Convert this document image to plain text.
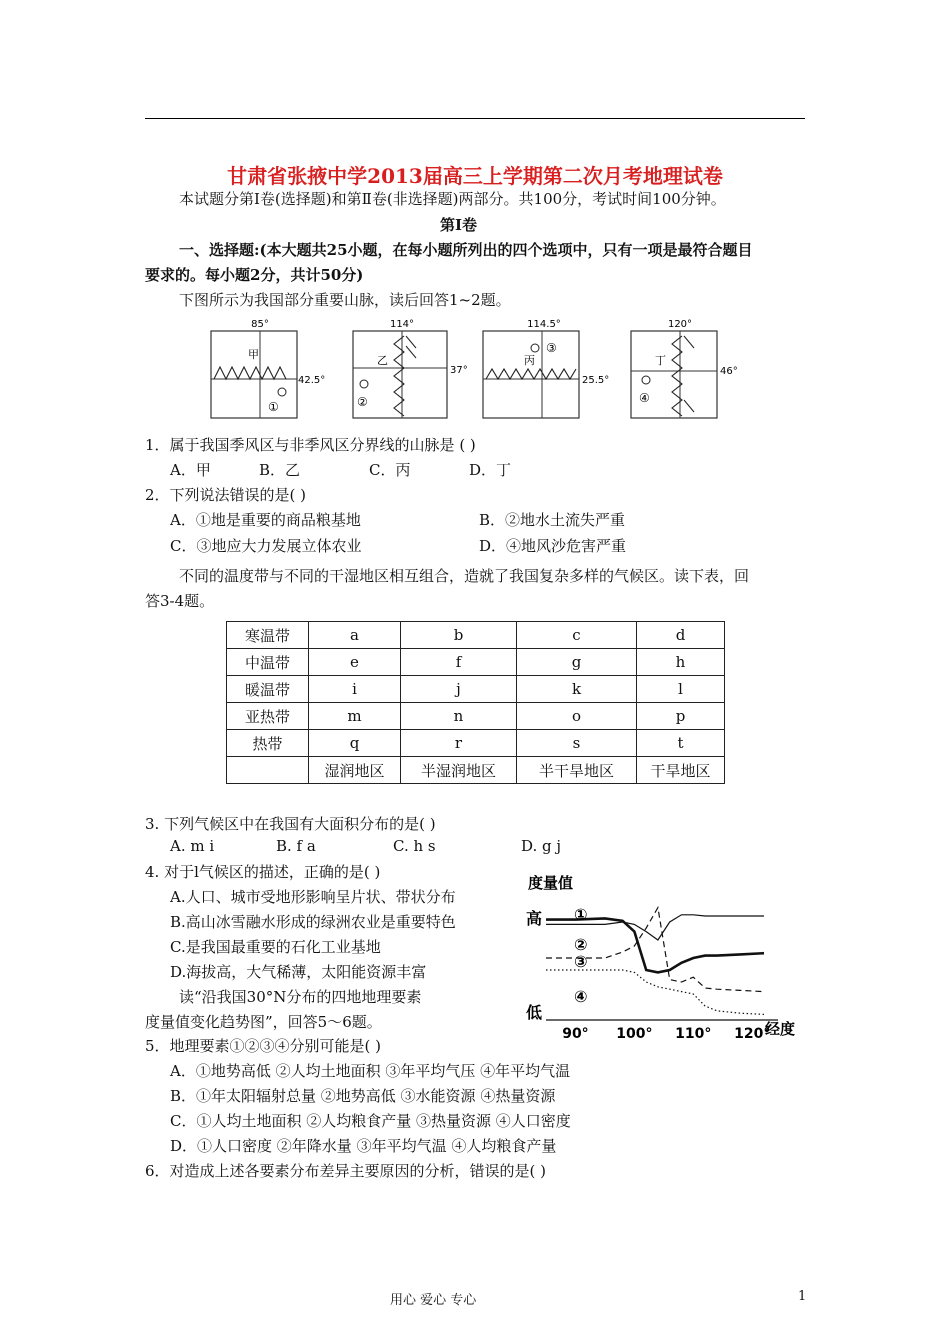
甘肃省张掖中学2013届高三上学期第二次月考地理试卷
本试题分第Ⅰ卷(选择题)和第Ⅱ卷(非选择题)两部分。共100分，考试时间100分钟。
第Ⅰ卷
一、选择题:(本大题共25小题，在每小题所列出的四个选项中，只有一项是最符合题目
要求的。每小题2分，共计50分)
下图所示为我国部分重要山脉，读后回答1~2题。
85°
42.5°
甲
①
114°
37°
乙
②
114.5°
25.5°
丙
③
120°
46°
丁
④
1．属于我国季风区与非季风区分界线的山脉是 ( )
A．甲	B．乙	C．丙	D．丁
2．下列说法错误的是( )
A．①地是重要的商品粮基地	B．②地水土流失严重
C．③地应大力发展立体农业	D．④地风沙危害严重
不同的温度带与不同的干湿地区相互组合，造就了我国复杂多样的气候区。读下表，回
答3-4题。
寒温带	a	b	c	d
中温带	e	f	g	h
暖温带	i	j	k	l
亚热带	m	n	o	p
热带	q	r	s	t
	湿润地区	半湿润地区	半干旱地区	干旱地区
3. 下列气候区中在我国有大面积分布的是( )
A. m i	B. f a	C. h s	D. g j
4. 对于l气候区的描述，正确的是( )
A.人口、城市受地形影响呈片状、带状分布
B.高山冰雪融水形成的绿洲农业是重要特色
C.是我国最重要的石化工业基地
D.海拔高，大气稀薄，太阳能资源丰富
读“沿我国30°N分布的四地地理要素
度量值变化趋势图”，回答5～6题。
度量值
高
低
①
②
③
④
90° 100° 110° 120°
经度
5．地理要素①②③④分别可能是( )
A．①地势高低 ②人均土地面积 ③年平均气压 ④年平均气温
B．①年太阳辐射总量 ②地势高低 ③水能资源 ④热量资源
C．①人均土地面积 ②人均粮食产量 ③热量资源 ④人口密度
D．①人口密度 ②年降水量 ③年平均气温 ④人均粮食产量
6．对造成上述各要素分布差异主要原因的分析，错误的是( )
用心 爱心 专心	1
